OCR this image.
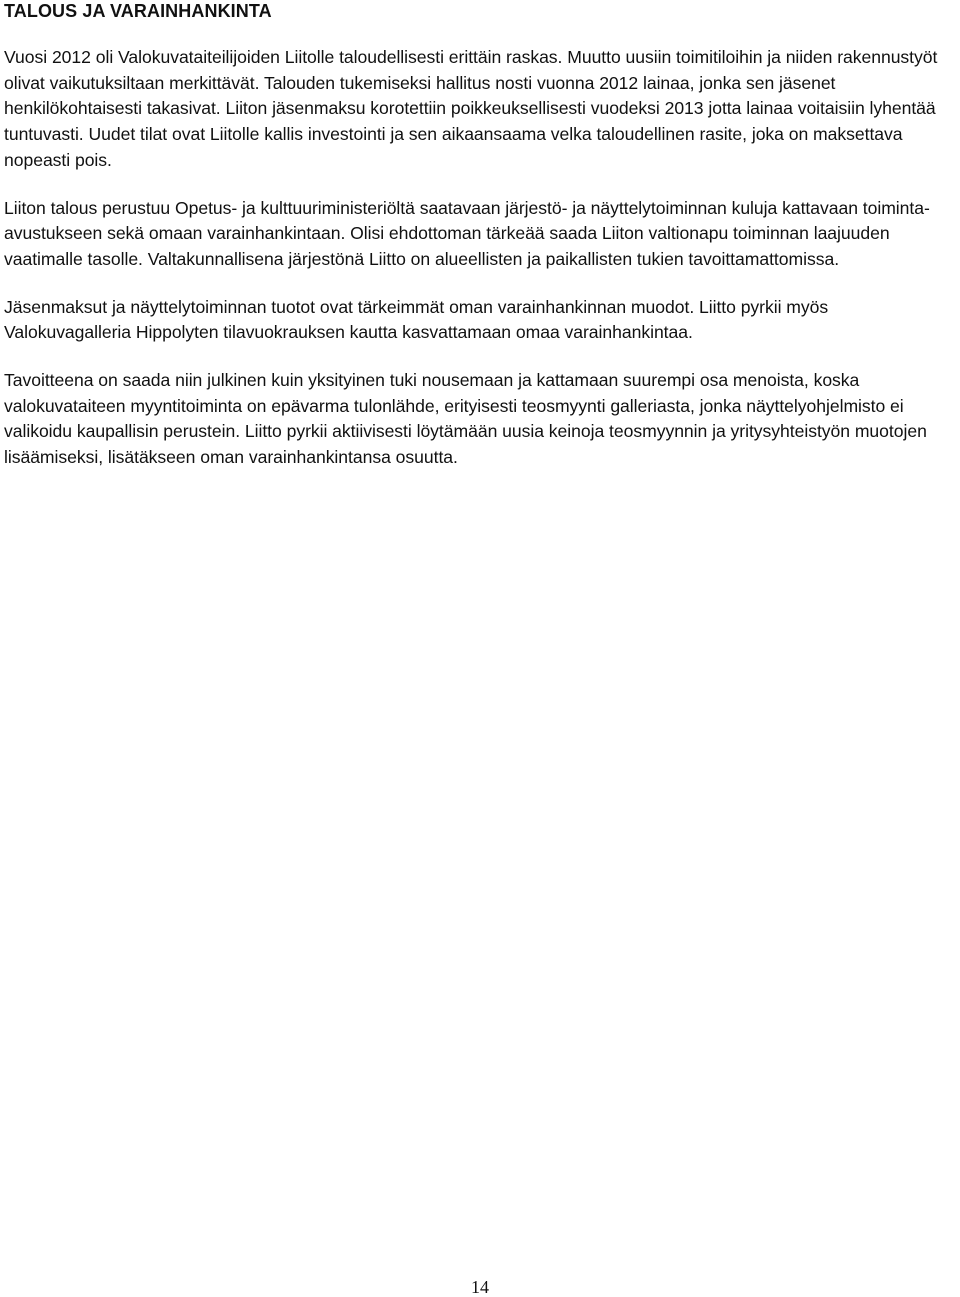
TALOUS JA VARAINHANKINTA

Vuosi 2012 oli Valokuvataiteilijoiden Liitolle taloudellisesti erittäin raskas. Muutto uusiin toimitiloihin ja niiden rakennustyöt olivat vaikutuksiltaan merkittävät. Talouden tukemiseksi hallitus nosti vuonna 2012 lainaa, jonka sen jäsenet henkilökohtaisesti takasivat. Liiton jäsenmaksu korotettiin poikkeuksellisesti vuodeksi 2013 jotta lainaa voitaisiin lyhentää tuntuvasti. Uudet tilat ovat Liitolle kallis investointi ja sen aikaansaama velka taloudellinen rasite, joka on maksettava nopeasti pois.

Liiton talous perustuu Opetus- ja kulttuuriministeriöltä saatavaan järjestö- ja näyttelytoiminnan kuluja kattavaan toiminta-avustukseen sekä omaan varainhankintaan. Olisi ehdottoman tärkeää saada Liiton valtionapu toiminnan laajuuden vaatimalle tasolle. Valtakunnallisena järjestönä Liitto on alueellisten ja paikallisten tukien tavoittamattomissa.

Jäsenmaksut ja näyttelytoiminnan tuotot ovat tärkeimmät oman varainhankinnan muodot. Liitto pyrkii myös Valokuvagalleria Hippolyten tilavuokrauksen kautta kasvattamaan omaa varainhankintaa.

Tavoitteena on saada niin julkinen kuin yksityinen tuki nousemaan ja kattamaan suurempi osa menoista, koska valokuvataiteen myyntitoiminta on epävarma tulonlähde, erityisesti teosmyynti galleriasta, jonka näyttelyohjelmisto ei valikoidu kaupallisin perustein. Liitto pyrkii aktiivisesti löytämään uusia keinoja teosmyynnin ja yritysyhteistyön muotojen lisäämiseksi, lisätäkseen oman varainhankintansa osuutta.

14
